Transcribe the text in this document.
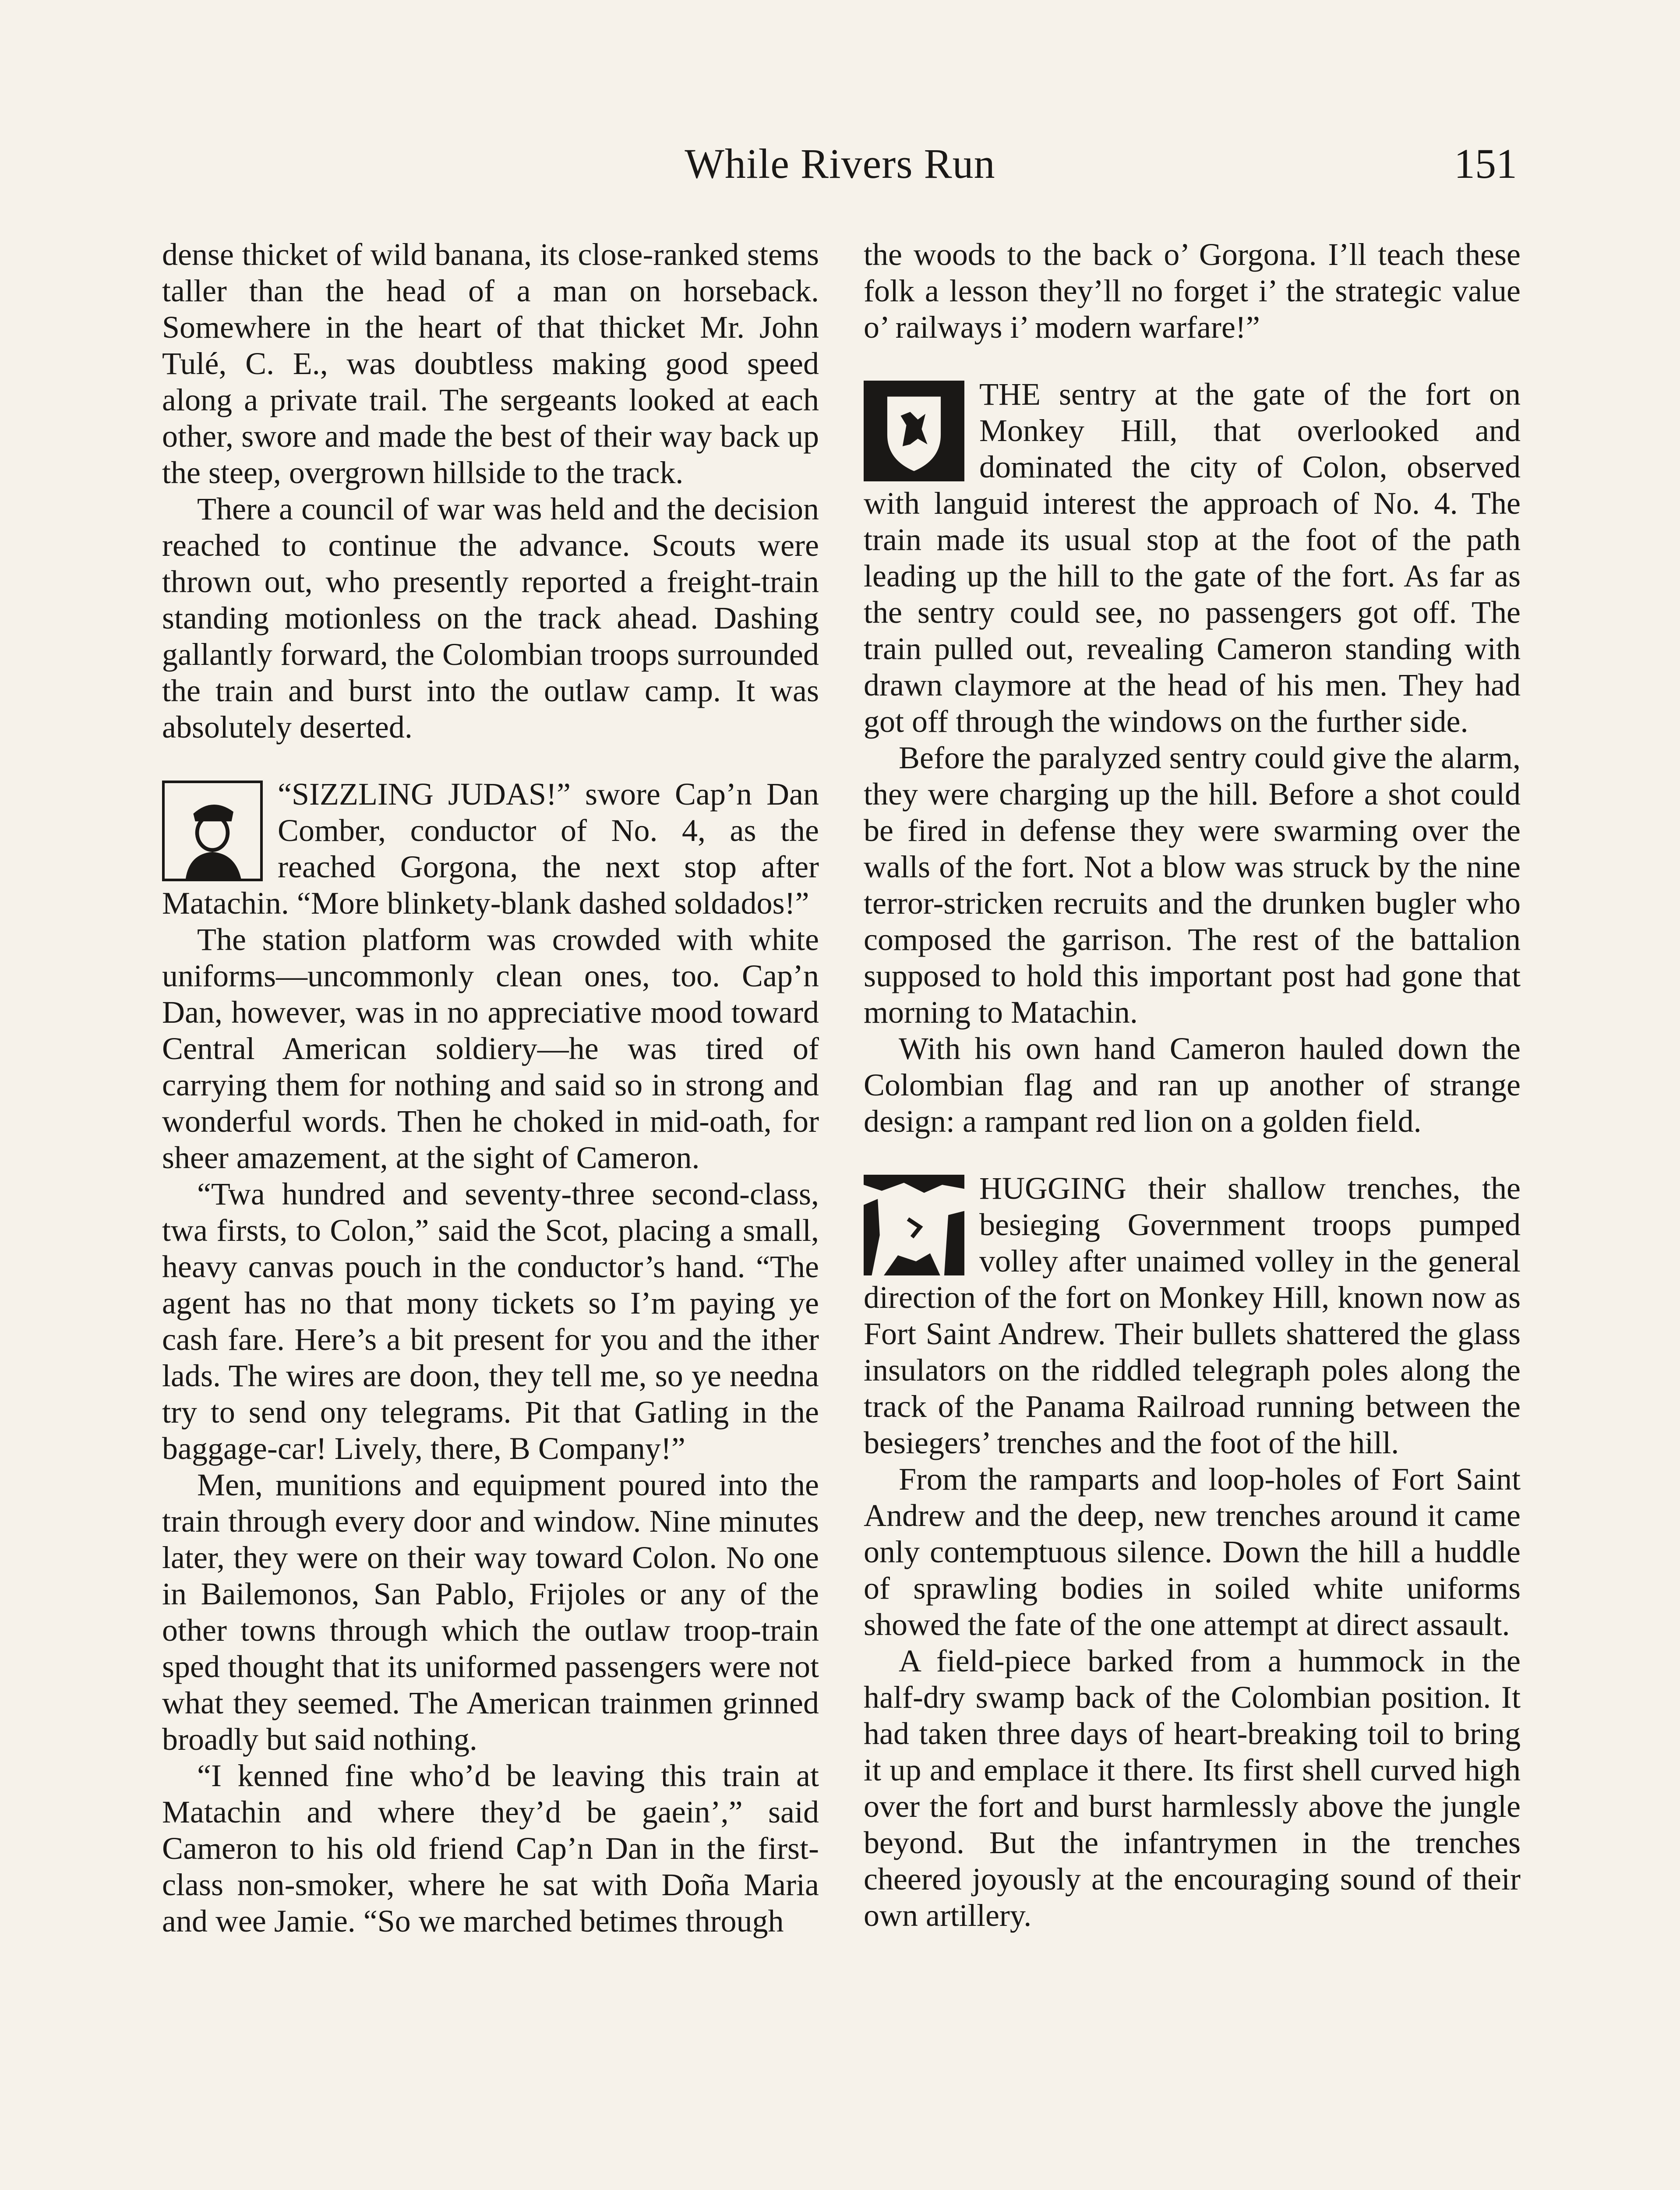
While Rivers Run	151

dense thicket of wild banana, its close-ranked stems taller than the head of a man on horseback. Somewhere in the heart of that thicket Mr. John Tulé, C. E., was doubtless making good speed along a private trail. The sergeants looked at each other, swore and made the best of their way back up the steep, overgrown hillside to the track.

There a council of war was held and the decision reached to continue the advance. Scouts were thrown out, who presently reported a freight-train standing motionless on the track ahead. Dashing gallantly forward, the Colombian troops surrounded the train and burst into the outlaw camp. It was absolutely deserted.

“SIZZLING JUDAS!” swore Cap’n Dan Comber, conductor of No. 4, as the reached Gorgona, the next stop after Matachin. “More blinkety-blank dashed soldados!”

The station platform was crowded with white uniforms—uncommonly clean ones, too. Cap’n Dan, however, was in no appreciative mood toward Central American soldiery—he was tired of carrying them for nothing and said so in strong and wonderful words. Then he choked in mid-oath, for sheer amazement, at the sight of Cameron.

“Twa hundred and seventy-three second-class, twa firsts, to Colon,” said the Scot, placing a small, heavy canvas pouch in the conductor’s hand. “The agent has no that mony tickets so I’m paying ye cash fare. Here’s a bit present for you and the ither lads. The wires are doon, they tell me, so ye needna try to send ony telegrams. Pit that Gatling in the baggage-car! Lively, there, B Company!”

Men, munitions and equipment poured into the train through every door and window. Nine minutes later, they were on their way toward Colon. No one in Bailemonos, San Pablo, Frijoles or any of the other towns through which the outlaw troop-train sped thought that its uniformed passengers were not what they seemed. The American trainmen grinned broadly but said nothing.

“I kenned fine who’d be leaving this train at Matachin and where they’d be gaein’,” said Cameron to his old friend Cap’n Dan in the first-class non-smoker, where he sat with Doña Maria and wee Jamie. “So we marched betimes through

the woods to the back o’ Gorgona. I’ll teach these folk a lesson they’ll no forget i’ the strategic value o’ railways i’ modern warfare!”

THE sentry at the gate of the fort on Monkey Hill, that overlooked and dominated the city of Colon, observed with languid interest the approach of No. 4. The train made its usual stop at the foot of the path leading up the hill to the gate of the fort. As far as the sentry could see, no passengers got off. The train pulled out, revealing Cameron standing with drawn claymore at the head of his men. They had got off through the windows on the further side.

Before the paralyzed sentry could give the alarm, they were charging up the hill. Before a shot could be fired in defense they were swarming over the walls of the fort. Not a blow was struck by the nine terror-stricken recruits and the drunken bugler who composed the garrison. The rest of the battalion supposed to hold this important post had gone that morning to Matachin.

With his own hand Cameron hauled down the Colombian flag and ran up another of strange design: a rampant red lion on a golden field.

HUGGING their shallow trenches, the besieging Government troops pumped volley after unaimed volley in the general direction of the fort on Monkey Hill, known now as Fort Saint Andrew. Their bullets shattered the glass insulators on the riddled telegraph poles along the track of the Panama Railroad running between the besiegers’ trenches and the foot of the hill.

From the ramparts and loop-holes of Fort Saint Andrew and the deep, new trenches around it came only contemptuous silence. Down the hill a huddle of sprawling bodies in soiled white uniforms showed the fate of the one attempt at direct assault.

A field-piece barked from a hummock in the half-dry swamp back of the Colombian position. It had taken three days of heart-breaking toil to bring it up and emplace it there. Its first shell curved high over the fort and burst harmlessly above the jungle beyond. But the infantrymen in the trenches cheered joyously at the encouraging sound of their own artillery.
